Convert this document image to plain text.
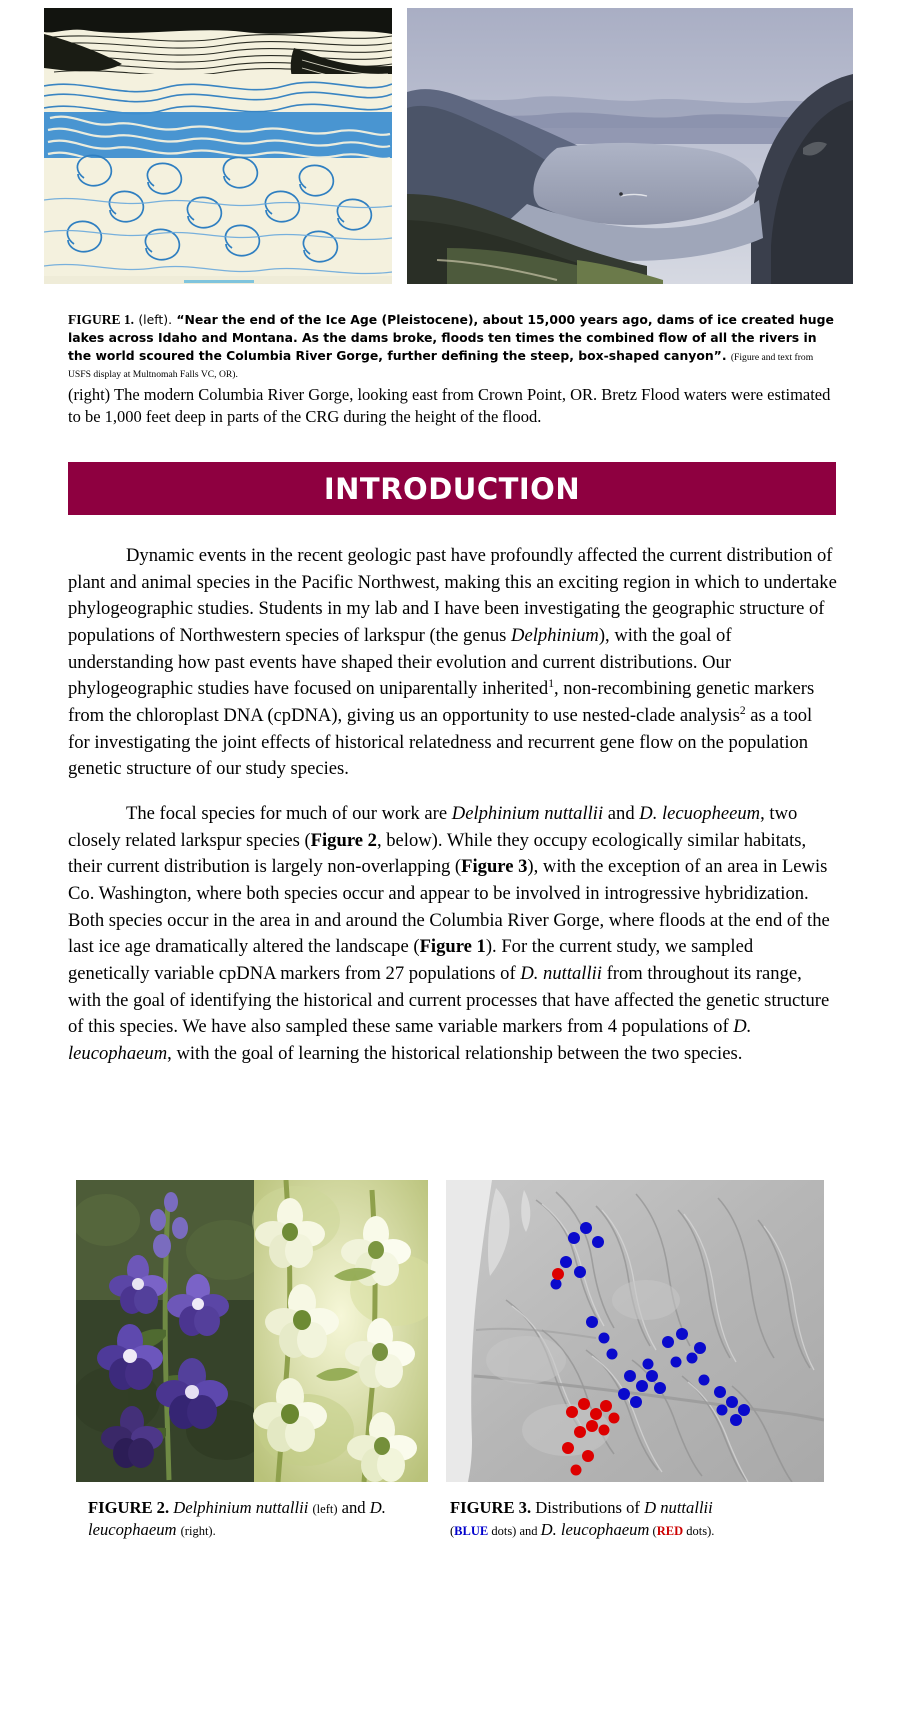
FIGURE 1. (left). “Near the end of the Ice Age (Pleistocene), about 15,000 years ago, dams of ice created huge lakes across Idaho and Montana. As the dams broke, floods ten times the combined flow of all the rivers in the world scoured the Columbia River Gorge, further defining the steep, box-shaped canyon”. (Figure and text from USFS display at Multnomah Falls VC, OR).
(right) The modern Columbia River Gorge, looking east from Crown Point, OR. Bretz Flood waters were estimated to be 1,000 feet deep in parts of the CRG during the height of the flood.
INTRODUCTION

Dynamic events in the recent geologic past have profoundly affected the current distribution of plant and animal species in the Pacific Northwest, making this an exciting region in which to undertake phylogeographic studies. Students in my lab and I have been investigating the geographic structure of populations of Northwestern species of larkspur (the genus Delphinium), with the goal of understanding how past events have shaped their evolution and current distributions. Our phylogeographic studies have focused on uniparentally inherited$^1$, non-recombining genetic markers from the chloroplast DNA (cpDNA), giving us an opportunity to use nested-clade analysis$^2$ as a tool for investigating the joint effects of historical relatedness and recurrent gene flow on the population genetic structure of our study species.

The focal species for much of our work are Delphinium nuttallii and D. lecuopheeum, two closely related larkspur species (Figure 2, below). While they occupy ecologically similar habitats, their current distribution is largely non-overlapping (Figure 3), with the exception of an area in Lewis Co. Washington, where both species occur and appear to be involved in introgressive hybridization. Both species occur in the area in and around the Columbia River Gorge, where floods at the end of the last ice age dramatically altered the landscape (Figure 1). For the current study, we sampled genetically variable cpDNA markers from 27 populations of D. nuttallii from throughout its range, with the goal of identifying the historical and current processes that have affected the genetic structure of this species. We have also sampled these same variable markers from 4 populations of D. leucophaeum, with the goal of learning the historical relationship between the two species.

FIGURE 2. Delphinium nuttallii (left) and D. leucophaeum (right).
FIGURE 3. Distributions of D nuttallii
(BLUE dots) and D. leucophaeum (RED dots).
